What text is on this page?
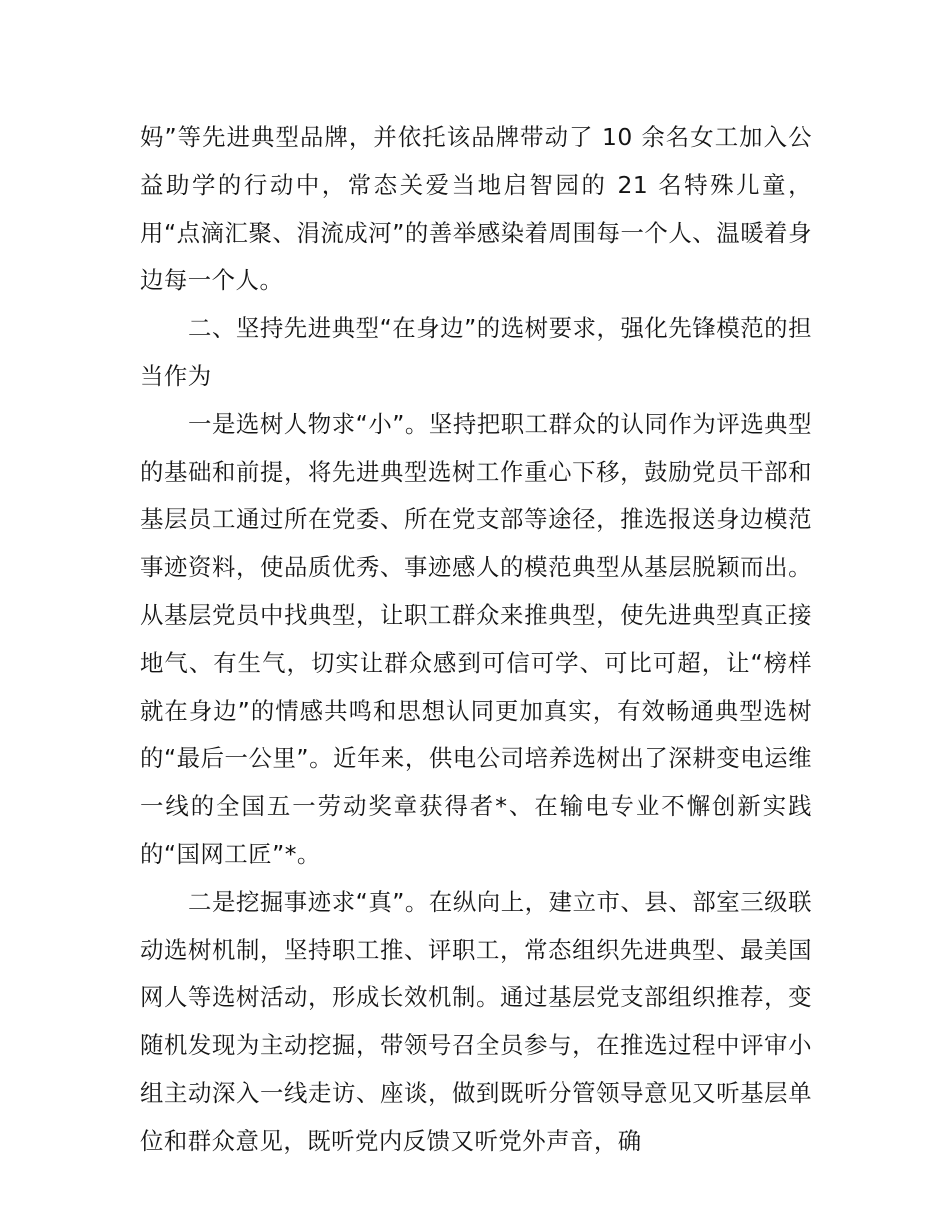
妈”等先进典型品牌，并依托该品牌带动了 10 余名女工加入公益助学的行动中，常态关爱当地启智园的 21 名特殊儿童，用“点滴汇聚、涓流成河”的善举感染着周围每一个人、温暖着身边每一个人。

二、坚持先进典型“在身边”的选树要求，强化先锋模范的担当作为

一是选树人物求“小”。坚持把职工群众的认同作为评选典型的基础和前提，将先进典型选树工作重心下移，鼓励党员干部和基层员工通过所在党委、所在党支部等途径，推选报送身边模范事迹资料，使品质优秀、事迹感人的模范典型从基层脱颖而出。从基层党员中找典型，让职工群众来推典型，使先进典型真正接地气、有生气，切实让群众感到可信可学、可比可超，让“榜样就在身边”的情感共鸣和思想认同更加真实，有效畅通典型选树的“最后一公里”。近年来，供电公司培养选树出了深耕变电运维一线的全国五一劳动奖章获得者*、在输电专业不懈创新实践的“国网工匠”*。

二是挖掘事迹求“真”。在纵向上，建立市、县、部室三级联动选树机制，坚持职工推、评职工，常态组织先进典型、最美国网人等选树活动，形成长效机制。通过基层党支部组织推荐，变随机发现为主动挖掘，带领号召全员参与，在推选过程中评审小组主动深入一线走访、座谈，做到既听分管领导意见又听基层单位和群众意见，既听党内反馈又听党外声音，确
